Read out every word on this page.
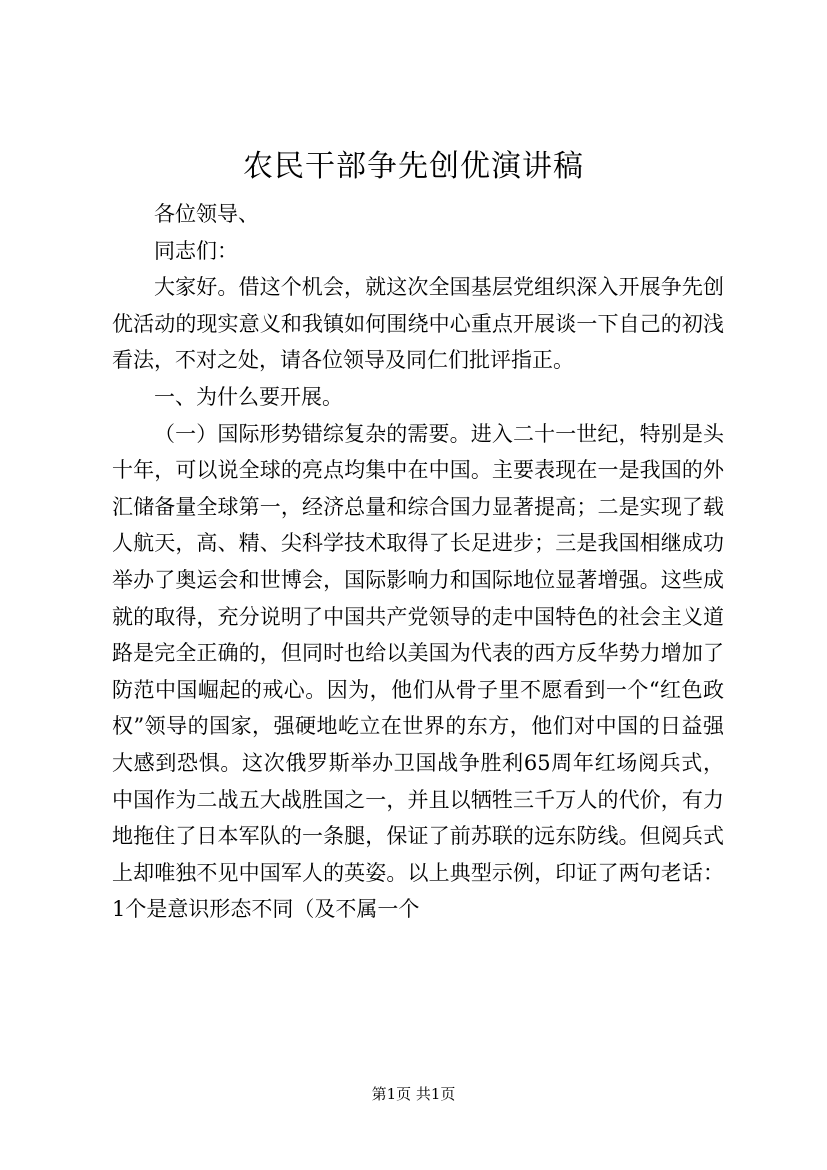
农民干部争先创优演讲稿

各位领导、

同志们：

大家好。借这个机会，就这次全国基层党组织深入开展争先创优活动的现实意义和我镇如何围绕中心重点开展谈一下自己的初浅看法，不对之处，请各位领导及同仁们批评指正。

一、为什么要开展。

（一）国际形势错综复杂的需要。进入二十一世纪，特别是头十年，可以说全球的亮点均集中在中国。主要表现在一是我国的外汇储备量全球第一，经济总量和综合国力显著提高；二是实现了载人航天，高、精、尖科学技术取得了长足进步；三是我国相继成功举办了奥运会和世博会，国际影响力和国际地位显著增强。这些成就的取得，充分说明了中国共产党领导的走中国特色的社会主义道路是完全正确的，但同时也给以美国为代表的西方反华势力增加了防范中国崛起的戒心。因为，他们从骨子里不愿看到一个“红色政权”领导的国家，强硬地屹立在世界的东方，他们对中国的日益强大感到恐惧。这次俄罗斯举办卫国战争胜利65周年红场阅兵式，中国作为二战五大战胜国之一，并且以牺牲三千万人的代价，有力地拖住了日本军队的一条腿，保证了前苏联的远东防线。但阅兵式上却唯独不见中国军人的英姿。以上典型示例，印证了两句老话：1个是意识形态不同（及不属一个

第1页 共1页
